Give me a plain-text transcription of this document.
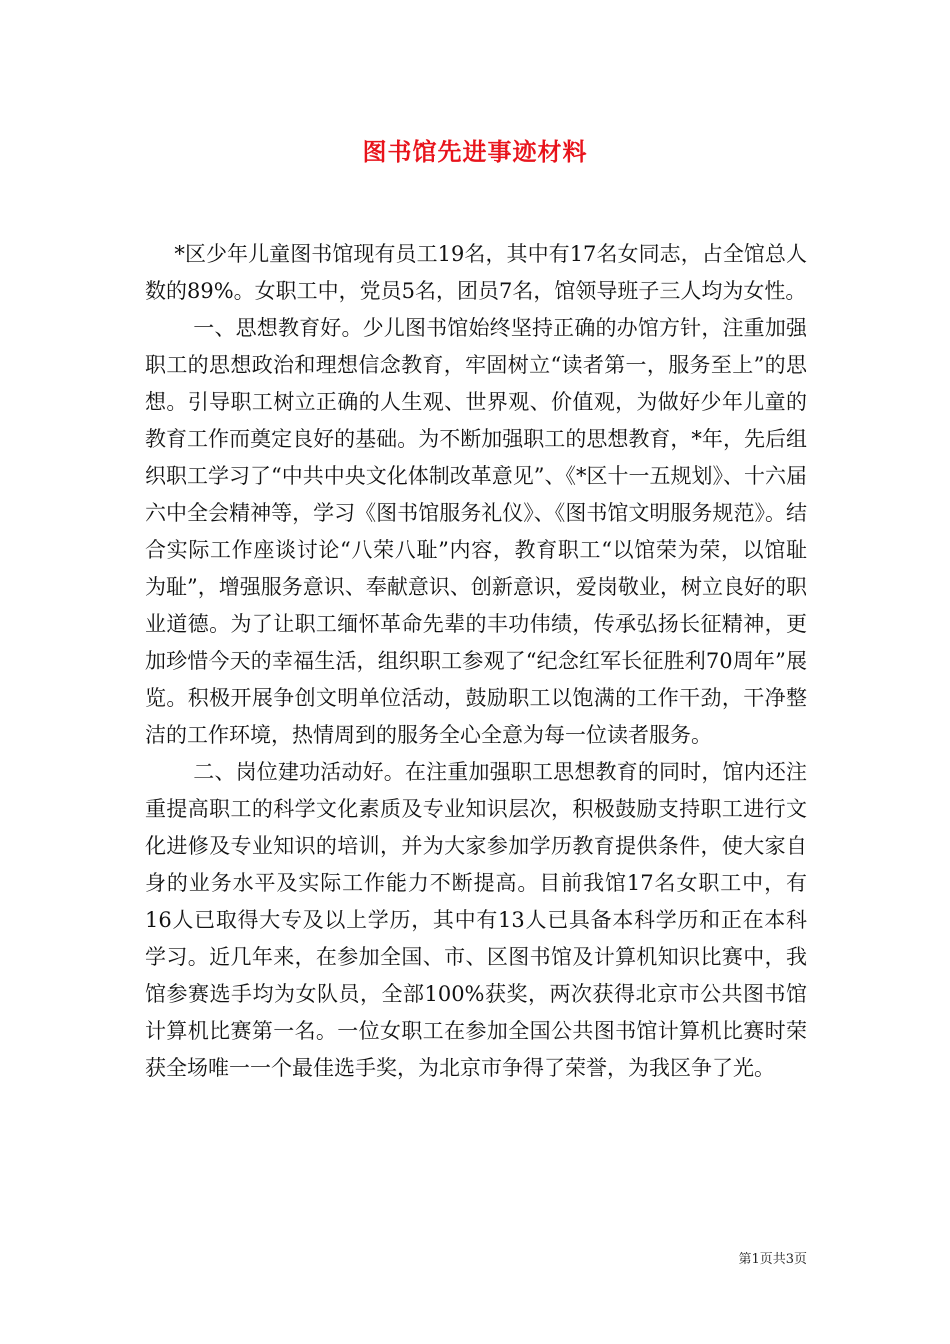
图书馆先进事迹材料

*区少年儿童图书馆现有员工19名，其中有17名女同志，占全馆总人数的89%。女职工中，党员5名，团员7名，馆领导班子三人均为女性。

一、思想教育好。少儿图书馆始终坚持正确的办馆方针，注重加强职工的思想政治和理想信念教育，牢固树立“读者第一，服务至上”的思想。引导职工树立正确的人生观、世界观、价值观，为做好少年儿童的教育工作而奠定良好的基础。为不断加强职工的思想教育，*年，先后组织职工学习了“中共中央文化体制改革意见”、《*区十一五规划》、十六届六中全会精神等，学习《图书馆服务礼仪》、《图书馆文明服务规范》。结合实际工作座谈讨论“八荣八耻”内容，教育职工“以馆荣为荣，以馆耻为耻”，增强服务意识、奉献意识、创新意识，爱岗敬业，树立良好的职业道德。为了让职工缅怀革命先辈的丰功伟绩，传承弘扬长征精神，更加珍惜今天的幸福生活，组织职工参观了“纪念红军长征胜利70周年”展览。积极开展争创文明单位活动，鼓励职工以饱满的工作干劲，干净整洁的工作环境，热情周到的服务全心全意为每一位读者服务。

二、岗位建功活动好。在注重加强职工思想教育的同时，馆内还注重提高职工的科学文化素质及专业知识层次，积极鼓励支持职工进行文化进修及专业知识的培训，并为大家参加学历教育提供条件，使大家自身的业务水平及实际工作能力不断提高。目前我馆17名女职工中，有16人已取得大专及以上学历，其中有13人已具备本科学历和正在本科学习。近几年来，在参加全国、市、区图书馆及计算机知识比赛中，我馆参赛选手均为女队员，全部100%获奖，两次获得北京市公共图书馆计算机比赛第一名。一位女职工在参加全国公共图书馆计算机比赛时荣获全场唯一一个最佳选手奖，为北京市争得了荣誉，为我区争了光。

第1页共3页
